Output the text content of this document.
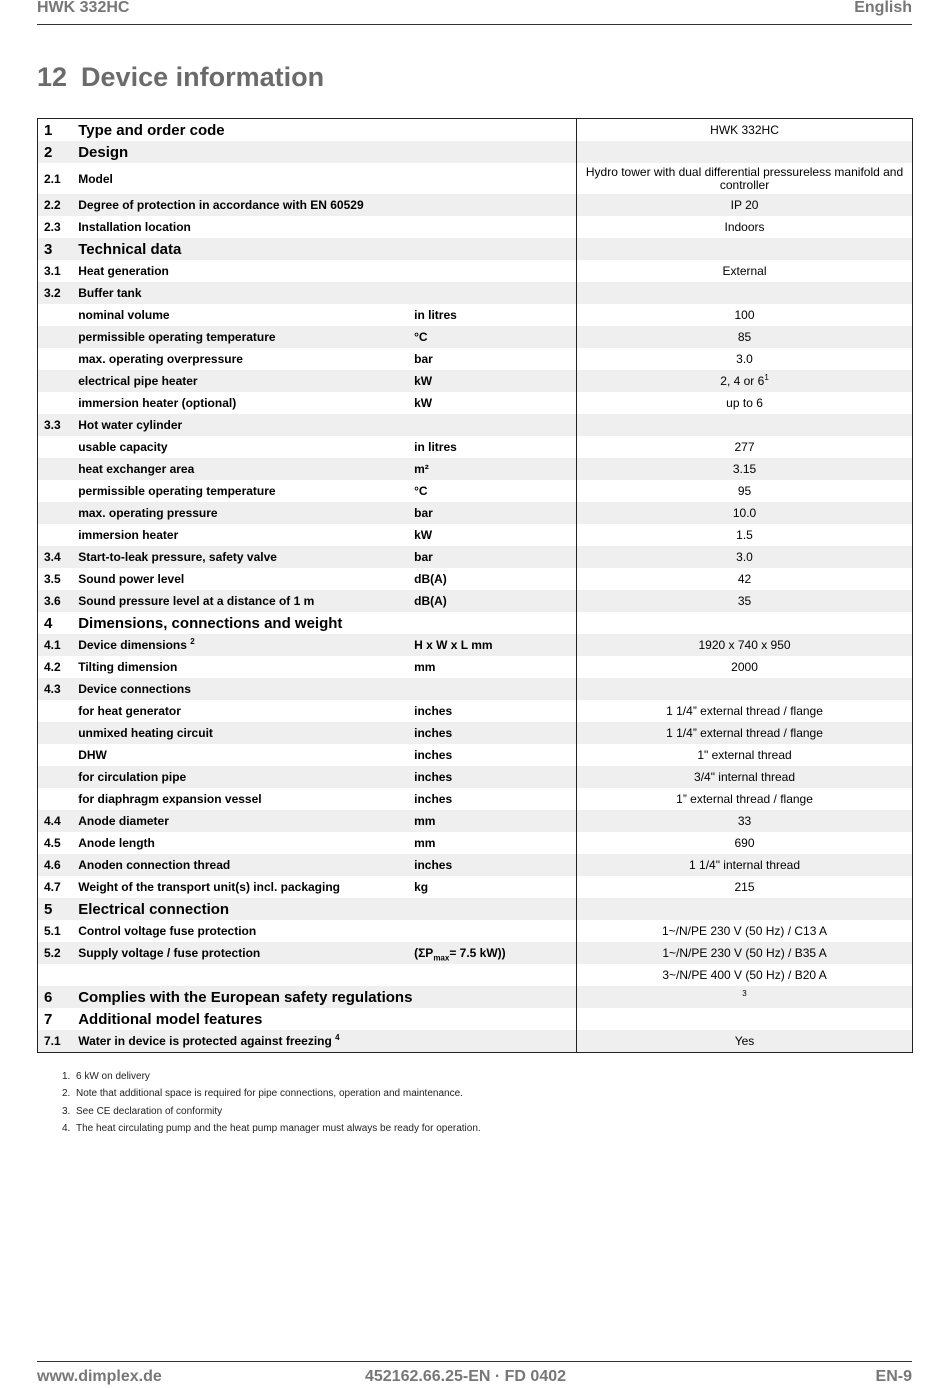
HWK 332HC	English
12 Device information
1	Type and order code		HWK 332HC
2	Design		
2.1	Model		Hydro tower with dual differential pressureless manifold and controller
2.2	Degree of protection in accordance with EN 60529		IP 20
2.3	Installation location		Indoors
3	Technical data		
3.1	Heat generation		External
3.2	Buffer tank		
	nominal volume	in litres	100
	permissible operating temperature	°C	85
	max. operating overpressure	bar	3.0
	electrical pipe heater	kW	2, 4 or $6^1$
	immersion heater (optional)	kW	up to 6
3.3	Hot water cylinder		
	usable capacity	in litres	277
	heat exchanger area	m²	3.15
	permissible operating temperature	°C	95
	max. operating pressure	bar	10.0
	immersion heater	kW	1.5
3.4	Start-to-leak pressure, safety valve	bar	3.0
3.5	Sound power level	dB(A)	42
3.6	Sound pressure level at a distance of 1 m	dB(A)	35
4	Dimensions, connections and weight		
4.1	Device dimensions $^2$	H x W x L mm	1920 x 740 x 950
4.2	Tilting dimension	mm	2000
4.3	Device connections		
	for heat generator	inches	1 1/4” external thread / flange
	unmixed heating circuit	inches	1 1/4” external thread / flange
	DHW	inches	1" external thread
	for circulation pipe	inches	3/4" internal thread
	for diaphragm expansion vessel	inches	1” external thread / flange
4.4	Anode diameter	mm	33
4.5	Anode length	mm	690
4.6	Anoden connection thread	inches	1 1/4" internal thread
4.7	Weight of the transport unit(s) incl. packaging	kg	215
5	Electrical connection		
5.1	Control voltage fuse protection		1~/N/PE 230 V (50 Hz) / C13 A
5.2	Supply voltage / fuse protection	($\Sigma P_{max}= 7.5$ kW))	1~/N/PE 230 V (50 Hz) / B35 A
			3~/N/PE 400 V (50 Hz) / B20 A
6	Complies with the European safety regulations		$^3$
7	Additional model features		
7.1	Water in device is protected against freezing $^4$		Yes
1. 6 kW on delivery
2. Note that additional space is required for pipe connections, operation and maintenance.
3. See CE declaration of conformity
4. The heat circulating pump and the heat pump manager must always be ready for operation.
www.dimplex.de	452162.66.25-EN · FD 0402	EN-9
